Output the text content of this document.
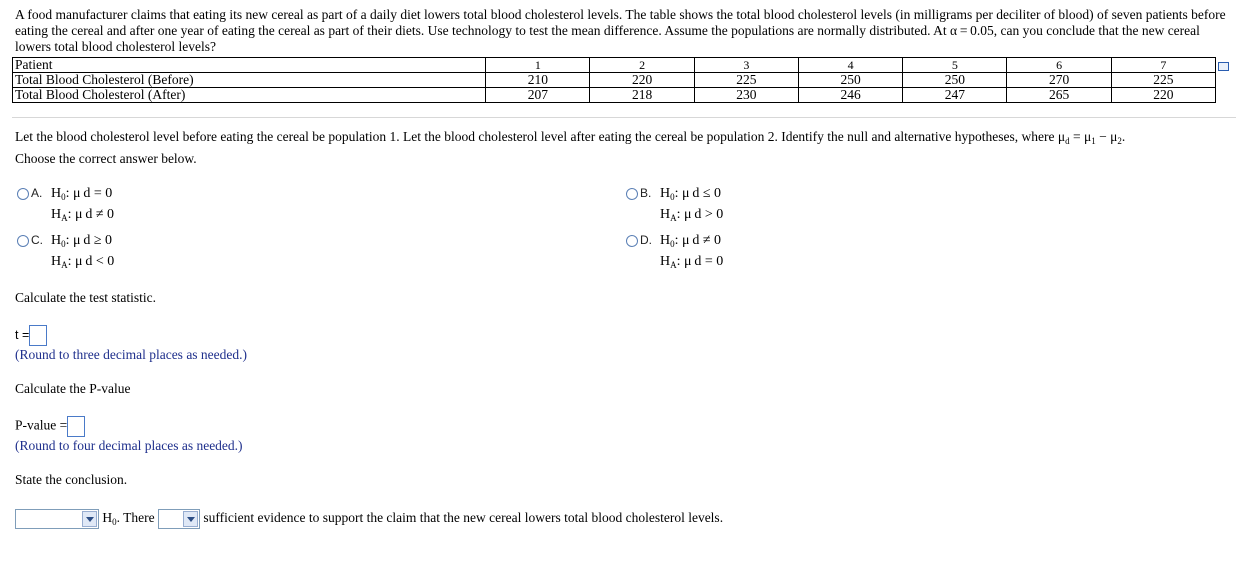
A food manufacturer claims that eating its new cereal as part of a daily diet lowers total blood cholesterol levels. The table shows the total blood cholesterol levels (in milligrams per deciliter of blood) of seven patients before eating the cereal and after one year of eating the cereal as part of their diets. Use technology to test the mean difference. Assume the populations are normally distributed. At α = 0.05, can you conclude that the new cereal lowers total blood cholesterol levels?
Patient	1	2	3	4	5	6	7
Total Blood Cholesterol (Before)	210	220	225	250	250	270	225
Total Blood Cholesterol (After)	207	218	230	246	247	265	220
Let the blood cholesterol level before eating the cereal be population 1. Let the blood cholesterol level after eating the cereal be population 2. Identify the null and alternative hypotheses, where $\mu_d = \mu_1 - \mu_2$.
Choose the correct answer below.
A. $H_0$: μ d = 0
$H_A$: μ d ≠ 0
B. $H_0$: μ d ≤ 0
$H_A$: μ d > 0
C. $H_0$: μ d ≥ 0
$H_A$: μ d < 0
D. $H_0$: μ d ≠ 0
$H_A$: μ d = 0
Calculate the test statistic.
t =
(Round to three decimal places as needed.)
Calculate the P-value
P-value =
(Round to four decimal places as needed.)
State the conclusion.
$H_0$. There	sufficient evidence to support the claim that the new cereal lowers total blood cholesterol levels.
